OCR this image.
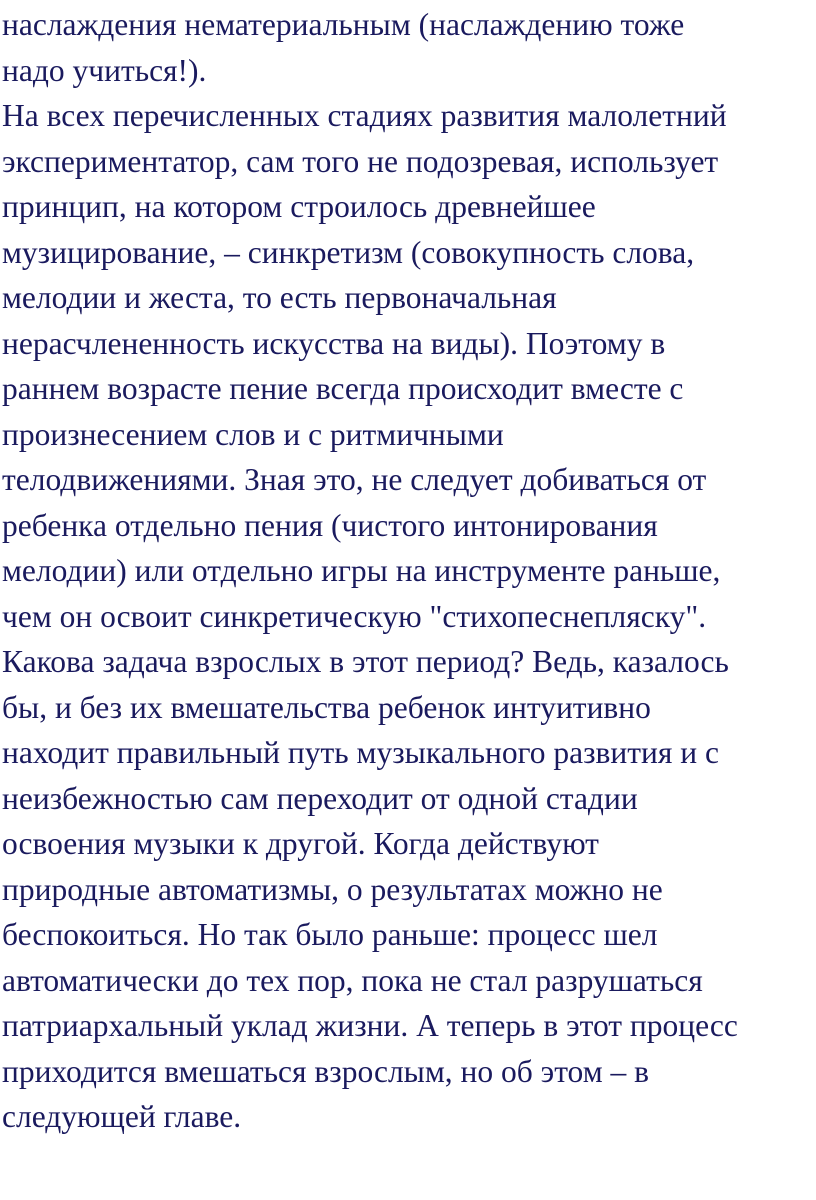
наслаждения нематериальным (наслаждению тоже
надо учиться!).
На всех перечисленных стадиях развития малолетний
экспериментатор, сам того не подозревая, использует
принцип, на котором строилось древнейшее
музицирование, – синкретизм (совокупность слова,
мелодии и жеста, то есть первоначальная
нерасчлененность искусства на виды). Поэтому в
раннем возрасте пение всегда происходит вместе с
произнесением слов и с ритмичными
телодвижениями. Зная это, не следует добиваться от
ребенка отдельно пения (чистого интонирования
мелодии) или отдельно игры на инструменте раньше,
чем он освоит синкретическую "стихопеснепляску".
Какова задача взрослых в этот период? Ведь, казалось
бы, и без их вмешательства ребенок интуитивно
находит правильный путь музыкального развития и с
неизбежностью сам переходит от одной стадии
освоения музыки к другой. Когда действуют
природные автоматизмы, о результатах можно не
беспокоиться. Но так было раньше: процесс шел
автоматически до тех пор, пока не стал разрушаться
патриархальный уклад жизни. А теперь в этот процесс
приходится вмешаться взрослым, но об этом – в
следующей главе.
